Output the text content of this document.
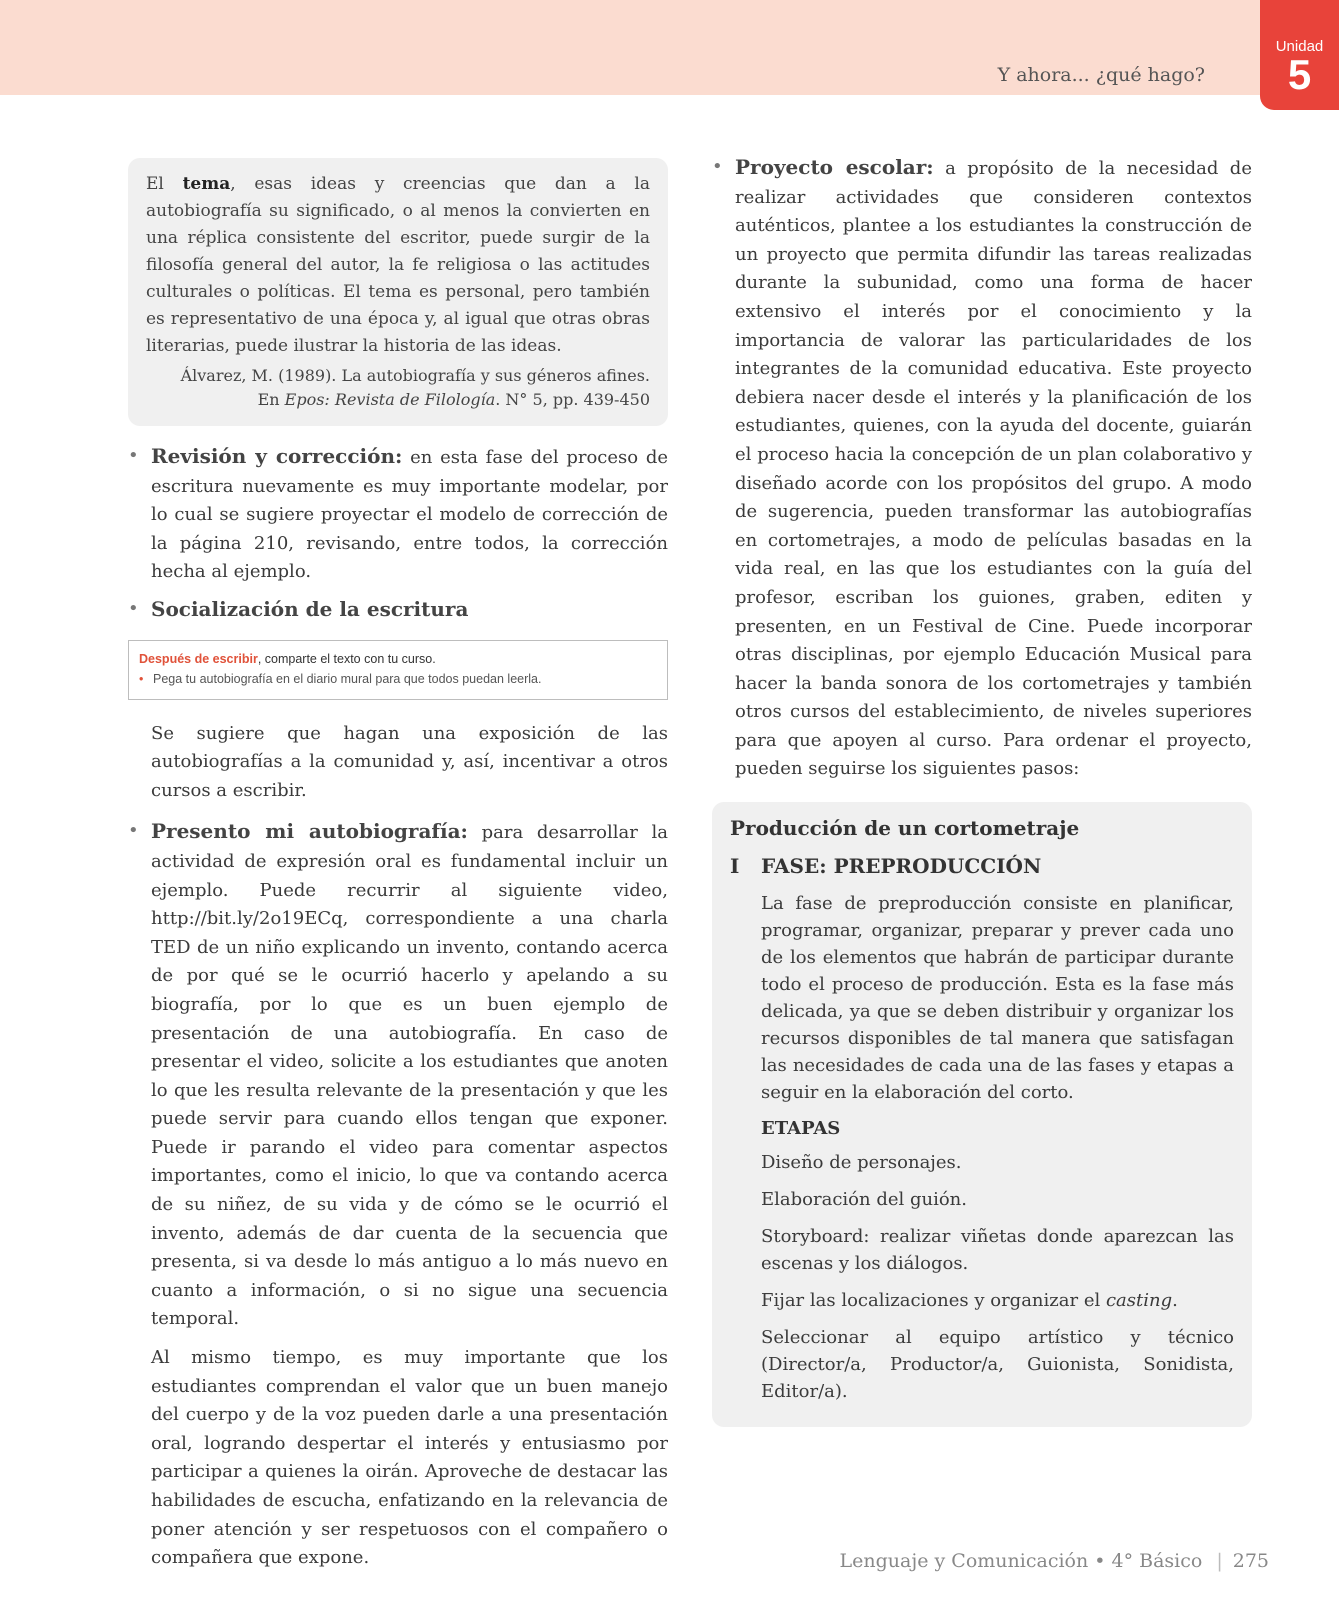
Y ahora... ¿qué hago?
Unidad
5
El tema, esas ideas y creencias que dan a la autobiografía su significado, o al menos la convierten en una réplica consistente del escritor, puede surgir de la filosofía general del autor, la fe religiosa o las actitudes culturales o políticas. El tema es personal, pero también es representativo de una época y, al igual que otras obras literarias, puede ilustrar la historia de las ideas.
Álvarez, M. (1989). La autobiografía y sus géneros afines.
En Epos: Revista de Filología. N° 5, pp. 439-450
• Revisión y corrección: en esta fase del proceso de escritura nuevamente es muy importante modelar, por lo cual se sugiere proyectar el modelo de corrección de la página 210, revisando, entre todos, la corrección hecha al ejemplo.
• Socialización de la escritura
Después de escribir, comparte el texto con tu curso.
• Pega tu autobiografía en el diario mural para que todos puedan leerla.
Se sugiere que hagan una exposición de las autobiografías a la comunidad y, así, incentivar a otros cursos a escribir.
• Presento mi autobiografía: para desarrollar la actividad de expresión oral es fundamental incluir un ejemplo. Puede recurrir al siguiente video, http://bit.ly/2o19ECq, correspondiente a una charla TED de un niño explicando un invento, contando acerca de por qué se le ocurrió hacerlo y apelando a su biografía, por lo que es un buen ejemplo de presentación de una autobiografía. En caso de presentar el video, solicite a los estudiantes que anoten lo que les resulta relevante de la presentación y que les puede servir para cuando ellos tengan que exponer. Puede ir parando el video para comentar aspectos importantes, como el inicio, lo que va contando acerca de su niñez, de su vida y de cómo se le ocurrió el invento, además de dar cuenta de la secuencia que presenta, si va desde lo más antiguo a lo más nuevo en cuanto a información, o si no sigue una secuencia temporal.
Al mismo tiempo, es muy importante que los estudiantes comprendan el valor que un buen manejo del cuerpo y de la voz pueden darle a una presentación oral, logrando despertar el interés y entusiasmo por participar a quienes la oirán. Aproveche de destacar las habilidades de escucha, enfatizando en la relevancia de poner atención y ser respetuosos con el compañero o compañera que expone.
• Proyecto escolar: a propósito de la necesidad de realizar actividades que consideren contextos auténticos, plantee a los estudiantes la construcción de un proyecto que permita difundir las tareas realizadas durante la subunidad, como una forma de hacer extensivo el interés por el conocimiento y la importancia de valorar las particularidades de los integrantes de la comunidad educativa. Este proyecto debiera nacer desde el interés y la planificación de los estudiantes, quienes, con la ayuda del docente, guiarán el proceso hacia la concepción de un plan colaborativo y diseñado acorde con los propósitos del grupo. A modo de sugerencia, pueden transformar las autobiografías en cortometrajes, a modo de películas basadas en la vida real, en las que los estudiantes con la guía del profesor, escriban los guiones, graben, editen y presenten, en un Festival de Cine. Puede incorporar otras disciplinas, por ejemplo Educación Musical para hacer la banda sonora de los cortometrajes y también otros cursos del establecimiento, de niveles superiores para que apoyen al curso. Para ordenar el proyecto, pueden seguirse los siguientes pasos:
Producción de un cortometraje
I	FASE: PREPRODUCCIÓN
La fase de preproducción consiste en planificar, programar, organizar, preparar y prever cada uno de los elementos que habrán de participar durante todo el proceso de producción. Esta es la fase más delicada, ya que se deben distribuir y organizar los recursos disponibles de tal manera que satisfagan las necesidades de cada una de las fases y etapas a seguir en la elaboración del corto.
ETAPAS
Diseño de personajes.
Elaboración del guión.
Storyboard: realizar viñetas donde aparezcan las escenas y los diálogos.
Fijar las localizaciones y organizar el casting.
Seleccionar al equipo artístico y técnico (Director/a, Productor/a, Guionista, Sonidista, Editor/a).
Lenguaje y Comunicación • 4° Básico | 275
